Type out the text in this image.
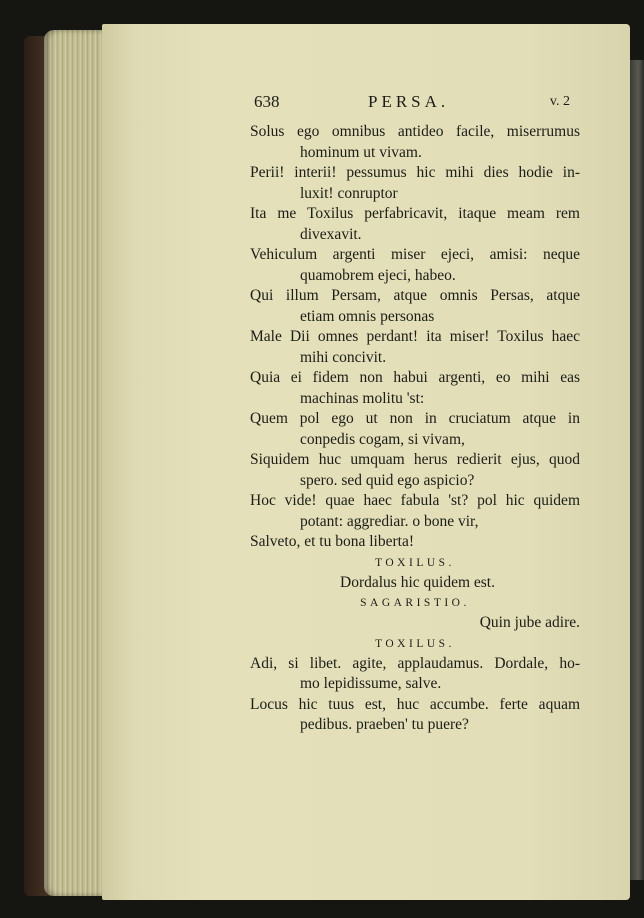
638	PERSA.	v. 2
Solus ego omnibus antideo facile, miserrumus
hominum ut vivam.
Perii! interii! pessumus hic mihi dies hodie in-
luxit! conruptor
Ita me Toxilus perfabricavit, itaque meam rem
divexavit.
Vehiculum argenti miser ejeci, amisi: neque
quamobrem ejeci, habeo.
Qui illum Persam, atque omnis Persas, atque
etiam omnis personas
Male Dii omnes perdant! ita miser! Toxilus haec
mihi concivit.
Quia ei fidem non habui argenti, eo mihi eas
machinas molitu 'st:
Quem pol ego ut non in cruciatum atque in
conpedis cogam, si vivam,
Siquidem huc umquam herus redierit ejus, quod
spero. sed quid ego aspicio?
Hoc vide! quae haec fabula 'st? pol hic quidem
potant: aggrediar. o bone vir,
Salveto, et tu bona liberta!
TOXILUS.
Dordalus hic quidem est.
SAGARISTIO.
Quin jube adire.
TOXILUS.
Adi, si libet. agite, applaudamus. Dordale, ho-
mo lepidissume, salve.
Locus hic tuus est, huc accumbe. ferte aquam
pedibus. praeben' tu puere?
